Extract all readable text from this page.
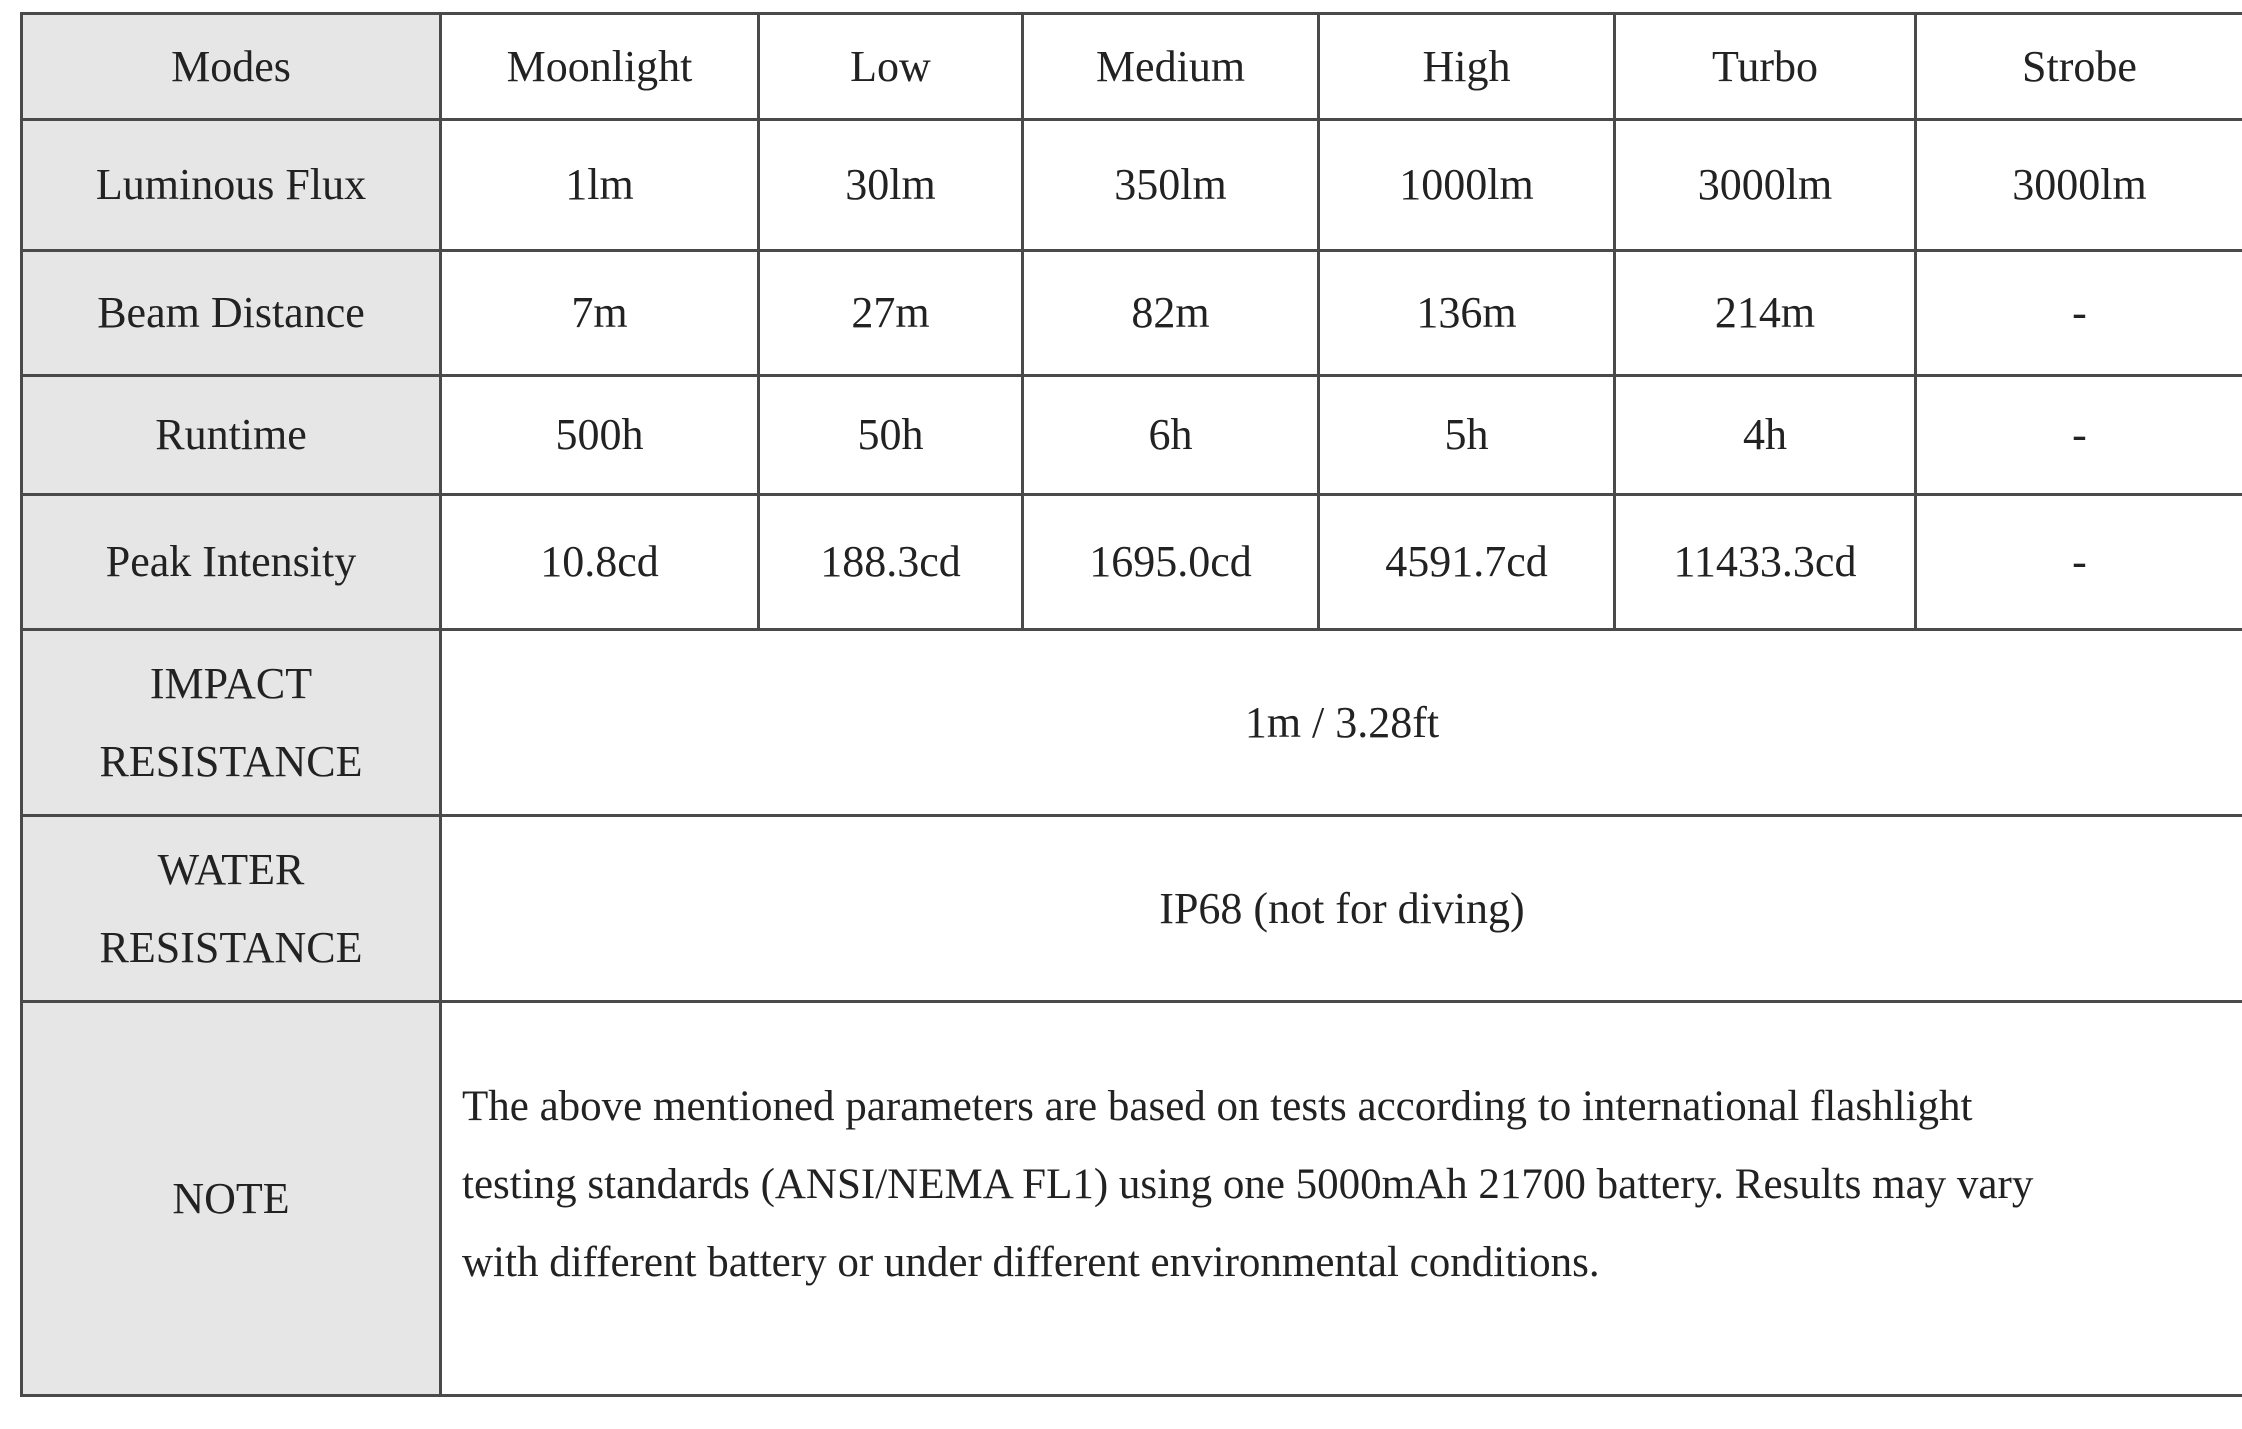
Modes	Moonlight	Low	Medium	High	Turbo	Strobe
Luminous Flux	1lm	30lm	350lm	1000lm	3000lm	3000lm
Beam Distance	7m	27m	82m	136m	214m	-
Runtime	500h	50h	6h	5h	4h	-
Peak Intensity	10.8cd	188.3cd	1695.0cd	4591.7cd	11433.3cd	-

IMPACT
RESISTANCE	1m / 3.28ft					

WATER
RESISTANCE	IP68 (not for diving)					
NOTE	The above mentioned parameters are based on tests according to international flashlight
testing standards (ANSI/NEMA FL1) using one 5000mAh 21700 battery. Results may vary
with different battery or under different environmental conditions.					
